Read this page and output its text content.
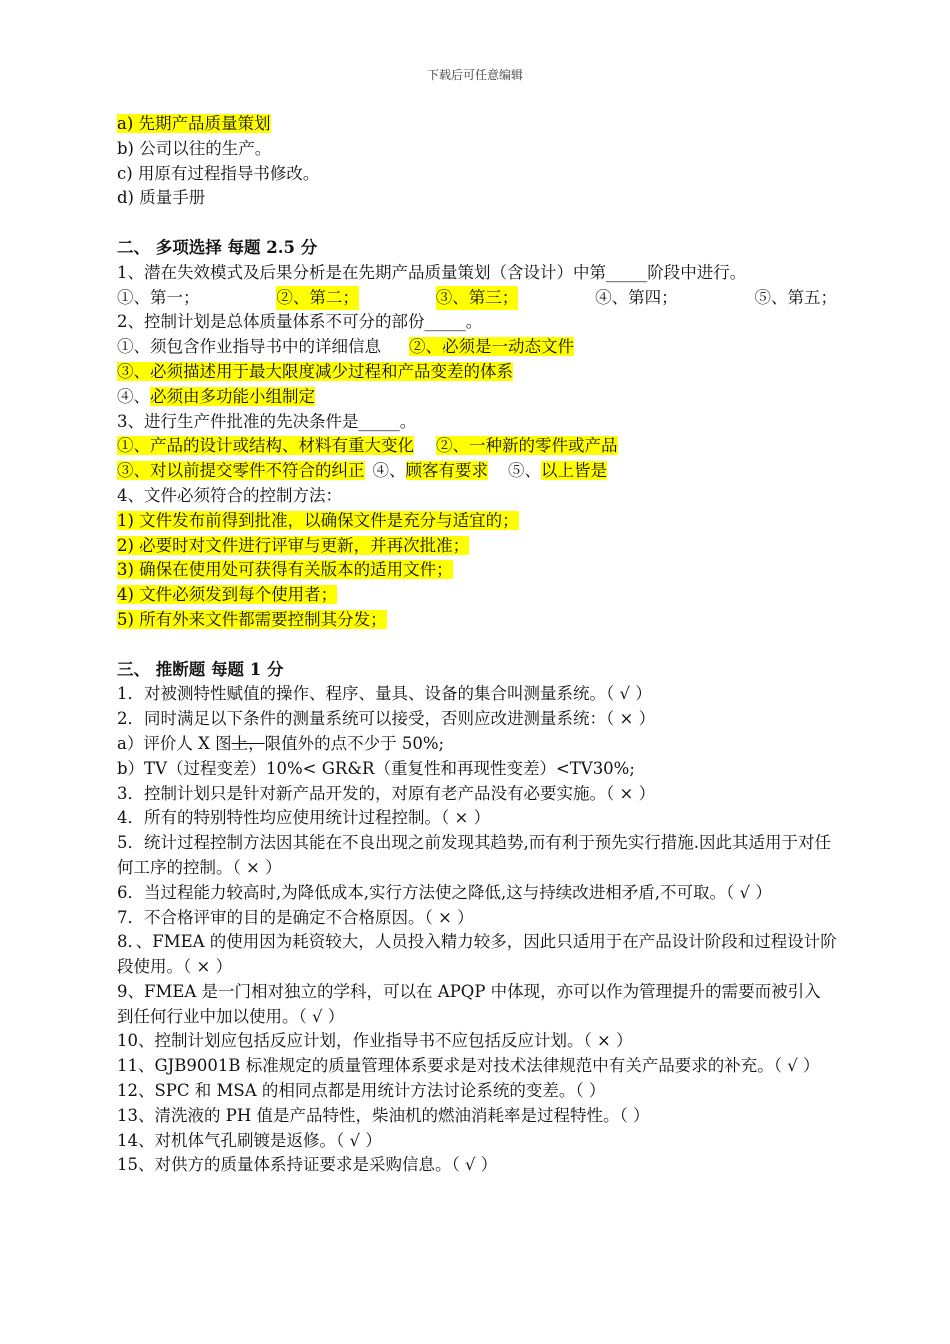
下载后可任意编辑
a) 先期产品质量策划
b) 公司以往的生产。
c) 用原有过程指导书修改。
d) 质量手册
二、 多项选择 每题 2.5 分
1、潜在失效模式及后果分析是在先期产品质量策划（含设计）中第_____阶段中进行。
①、第一；	②、第二；	③、第三；	④、第四；	⑤、第五；
2、控制计划是总体质量体系不可分的部份_____。
①、须包含作业指导书中的详细信息 ②、必须是一动态文件
③、必须描述用于最大限度减少过程和产品变差的体系
④、必须由多功能小组制定
3、进行生产件批准的先决条件是_____。
①、产品的设计或结构、材料有重大变化 ②、一种新的零件或产品
③、对以前提交零件不符合的纠正 ④、顾客有要求 ⑤、以上皆是
4、文件必须符合的控制方法：
1) 文件发布前得到批准，以确保文件是充分与适宜的；
2) 必要时对文件进行评审与更新，并再次批准；
3) 确保在使用处可获得有关版本的适用文件；
4) 文件必须发到每个使用者；
5) 所有外来文件都需要控制其分发；
三、 推断题 每题 1 分
1．对被测特性赋值的操作、程序、量具、设备的集合叫测量系统。（ √ ）
2．同时满足以下条件的测量系统可以接受，否则应改进测量系统：（ × ）
a）评价人 X 图上，限值外的点不少于 50%;
b）TV（过程变差）10%< GR&R（重复性和再现性变差）<TV30%;
3．控制计划只是针对新产品开发的，对原有老产品没有必要实施。（ × ）
4．所有的特别特性均应使用统计过程控制。（ × ）
5．统计过程控制方法因其能在不良出现之前发现其趋势,而有利于预先实行措施.因此其适用于对任何工序的控制。（ × ）
6．当过程能力较高时,为降低成本,实行方法使之降低,这与持续改进相矛盾,不可取。（ √ ）
7．不合格评审的目的是确定不合格原因。（ × ）
8．、FMEA 的使用因为耗资较大，人员投入精力较多，因此只适用于在产品设计阶段和过程设计阶段使用。（ × ）
9、FMEA 是一门相对独立的学科，可以在 APQP 中体现，亦可以作为管理提升的需要而被引入到任何行业中加以使用。（ √ ）
10、控制计划应包括反应计划，作业指导书不应包括反应计划。（ × ）
11、GJB9001B 标准规定的质量管理体系要求是对技术法律规范中有关产品要求的补充。（ √ ）
12、SPC 和 MSA 的相同点都是用统计方法讨论系统的变差。（ ）
13、清洗液的 PH 值是产品特性，柴油机的燃油消耗率是过程特性。（ ）
14、对机体气孔刷镀是返修。（ √ ）
15、对供方的质量体系持证要求是采购信息。（ √ ）
